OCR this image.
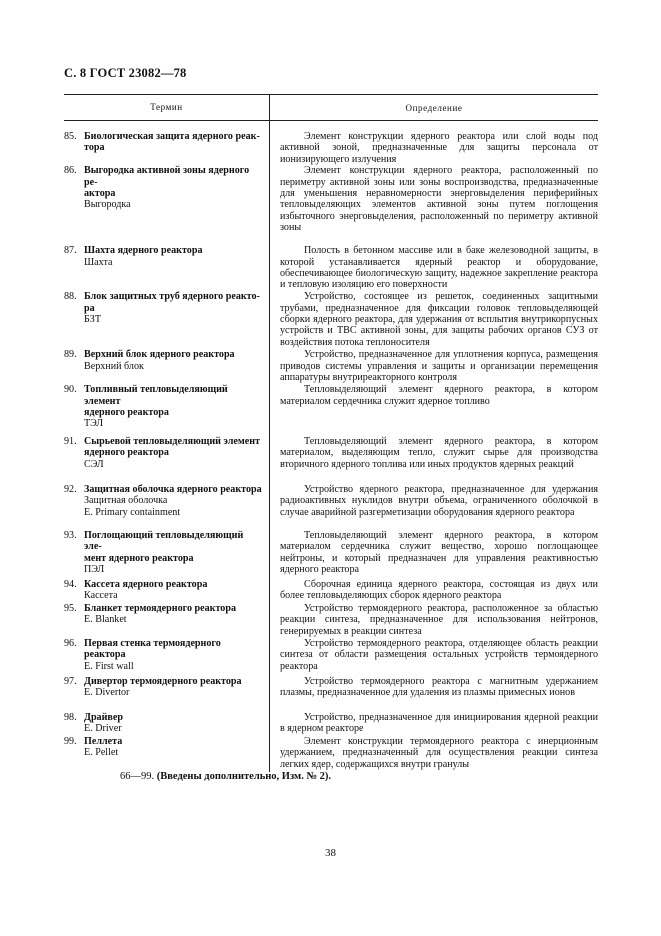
С. 8 ГОСТ 23082—78
Термин	Определение
85. Биологическая защита ядерного реак-
тора
Элемент конструкции ядерного реактора или слой воды под активной зоной, предназначенные для защиты персонала от ионизирующего излучения
86. Выгородка активной зоны ядерного ре-
актора
Выгородка
Элемент конструкции ядерного реактора, расположенный по периметру активной зоны или зоны воспроизводства, предназначенные для уменьшения неравномерности энерговыделения периферийных тепловыделяющих элементов активной зоны путем поглощения избыточного энерговыделения, расположенный по периметру активной зоны
87. Шахта ядерного реактора
Шахта
Полость в бетонном массиве или в баке железоводной защиты, в которой устанавливается ядерный реактор и оборудование, обеспечивающее биологическую защиту, надежное закрепление реактора и тепловую изоляцию его поверхности
88. Блок защитных труб ядерного реакто-
ра
БЗТ
Устройство, состоящее из решеток, соединенных защитными трубами, предназначенное для фиксации головок тепловыделяющей сборки ядерного реактора, для удержания от всплытия внутрикорпусных устройств и ТВС активной зоны, для защиты рабочих органов СУЗ от воздействия потока теплоносителя
89. Верхний блок ядерного реактора
Верхний блок
Устройство, предназначенное для уплотнения корпуса, размещения приводов системы управления и защиты и организации перемещения аппаратуры внутриреакторного контроля
90. Топливный тепловыделяющий элемент
ядерного реактора
ТЭЛ
Тепловыделяющий элемент ядерного реактора, в котором материалом сердечника служит ядерное топливо
91. Сырьевой тепловыделяющий элемент
ядерного реактора
СЭЛ
Тепловыделяющий элемент ядерного реактора, в котором материалом, выделяющим тепло, служит сырье для производства вторичного ядерного топлива или иных продуктов ядерных реакций
92. Защитная оболочка ядерного реактора
Защитная оболочка
E. Primary containment
Устройство ядерного реактора, предназначенное для удержания радиоактивных нуклидов внутри объема, ограниченного оболочкой в случае аварийной разгерметизации оборудования ядерного реактора
93. Поглощающий тепловыделяющий эле-
мент ядерного реактора
ПЭЛ
Тепловыделяющий элемент ядерного реактора, в котором материалом сердечника служит вещество, хорошо поглощающее нейтроны, и который предназначен для управления реактивностью ядерного реактора
94. Кассета ядерного реактора
Кассета
Сборочная единица ядерного реактора, состоящая из двух или более тепловыделяющих сборок ядерного реактора
95. Бланкет термоядерного реактора
E. Blanket
Устройство термоядерного реактора, расположенное за областью реакции синтеза, предназначенное для использования нейтронов, генерируемых в реакции синтеза
96. Первая стенка термоядерного реактора
E. First wall
Устройство термоядерного реактора, отделяющее область реакции синтеза от области размещения остальных устройств термоядерного реактора
97. Дивертор термоядерного реактора
E. Divertor
Устройство термоядерного реактора с магнитным удержанием плазмы, предназначенное для удаления из плазмы примесных ионов
98. Драйвер
E. Driver
Устройство, предназначенное для инициирования ядерной реакции в ядерном реакторе
99. Пеллета
E. Pellet
Элемент конструкции термоядерного реактора с инерционным удержанием, предназначенный для осуществления реакции синтеза легких ядер, содержащихся внутри гранулы
66—99. (Введены дополнительно, Изм. № 2).
38
